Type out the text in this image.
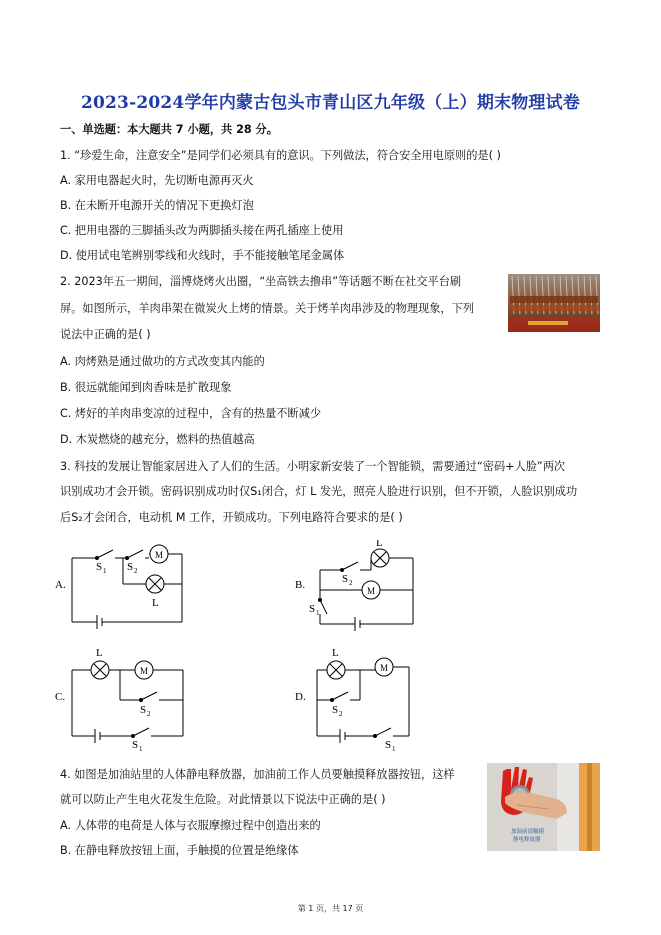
2023-2024学年内蒙古包头市青山区九年级（上）期末物理试卷
一、单选题：本大题共 7 小题，共 28 分。
1. “珍爱生命，注意安全”是同学们必须具有的意识。下列做法，符合安全用电原则的是( )
A. 家用电器起火时，先切断电源再灭火
B. 在未断开电源开关的情况下更换灯泡
C. 把用电器的三脚插头改为两脚插头接在两孔插座上使用
D. 使用试电笔辨别零线和火线时，手不能接触笔尾金属体
2. 2023年五一期间，淄博烧烤火出圈，“坐高铁去撸串”等话题不断在社交平台刷
屏。如图所示，羊肉串架在微炭火上烤的情景。关于烤羊肉串涉及的物理现象，下列
说法中正确的是( )
A. 肉烤熟是通过做功的方式改变其内能的
B. 很远就能闻到肉香味是扩散现象
C. 烤好的羊肉串变凉的过程中，含有的热量不断减少
D. 木炭燃烧的越充分，燃料的热值越高
3. 科技的发展让智能家居进入了人们的生活。小明家新安装了一个智能锁，需要通过“密码+人脸”两次
识别成功才会开锁。密码识别成功时仅S₁闭合，灯 L 发光，照亮人脸进行识别，但不开锁，人脸识别成功
后S₂才会闭合，电动机 M 工作，开锁成功。下列电路符合要求的是( )
A.	B.
C.	D.
S 1 S 2
M
L
L
S 2
M
S 1
L
M
S 2
S 1
L
M
S 2
S 1
4. 如图是加油站里的人体静电释放器，加油前工作人员要触摸释放器按钮，这样
就可以防止产生电火花发生危险。对此情景以下说法中正确的是( )
A. 人体带的电荷是人体与衣服摩擦过程中创造出来的
B. 在静电释放按钮上面，手触摸的位置是绝缘体
加油前请触摸
静电释放器
第 1 页，共 17 页
